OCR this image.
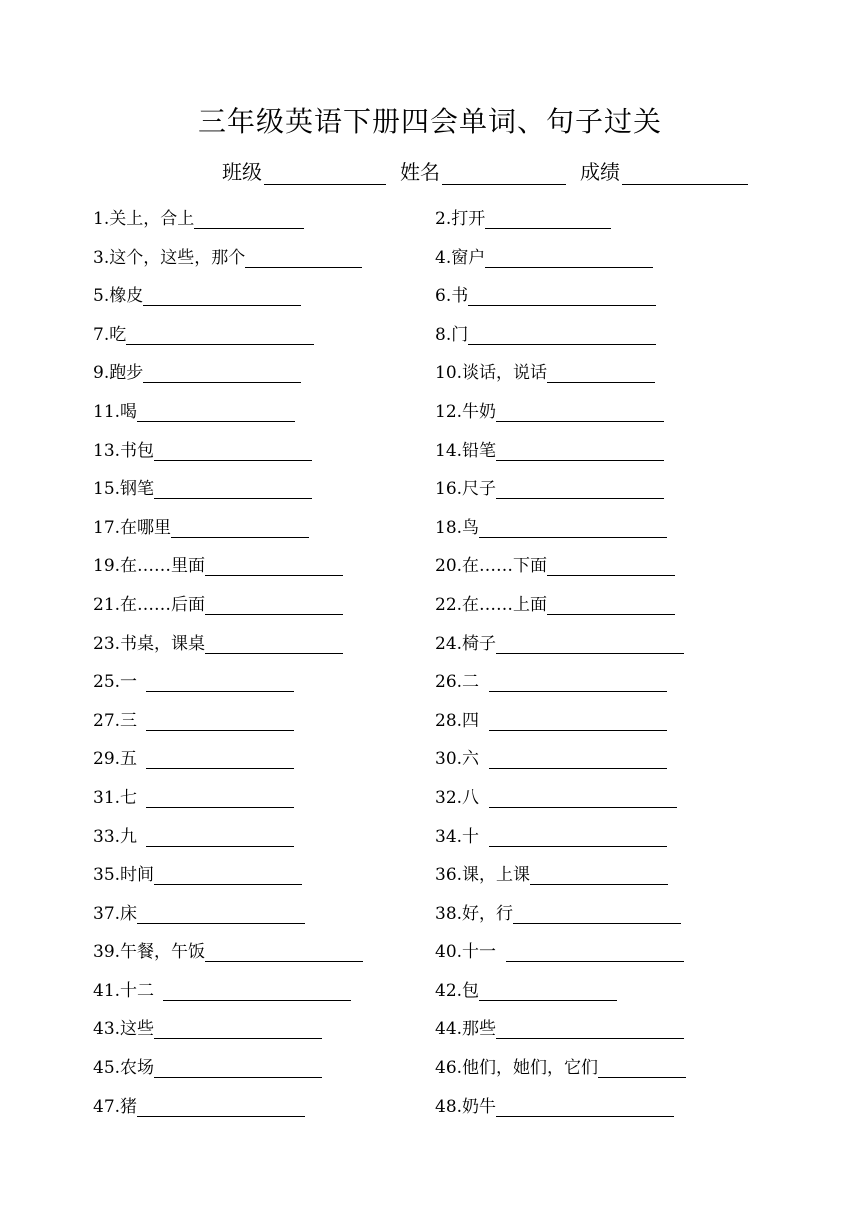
三年级英语下册四会单词、句子过关
班级	姓名	成绩
1.关上，合上	2.打开
3.这个，这些，那个	4.窗户
5.橡皮	6.书
7.吃	8.门
9.跑步	10.谈话，说话
11.喝	12.牛奶
13.书包	14.铅笔
15.钢笔	16.尺子
17.在哪里	18.鸟
19.在……里面	20.在……下面
21.在……后面	22.在……上面
23.书桌，课桌	24.椅子
25.一	26.二
27.三	28.四
29.五	30.六
31.七	32.八
33.九	34.十
35.时间	36.课，上课
37.床	38.好，行
39.午餐，午饭	40.十一
41.十二	42.包
43.这些	44.那些
45.农场	46.他们，她们，它们
47.猪	48.奶牛
